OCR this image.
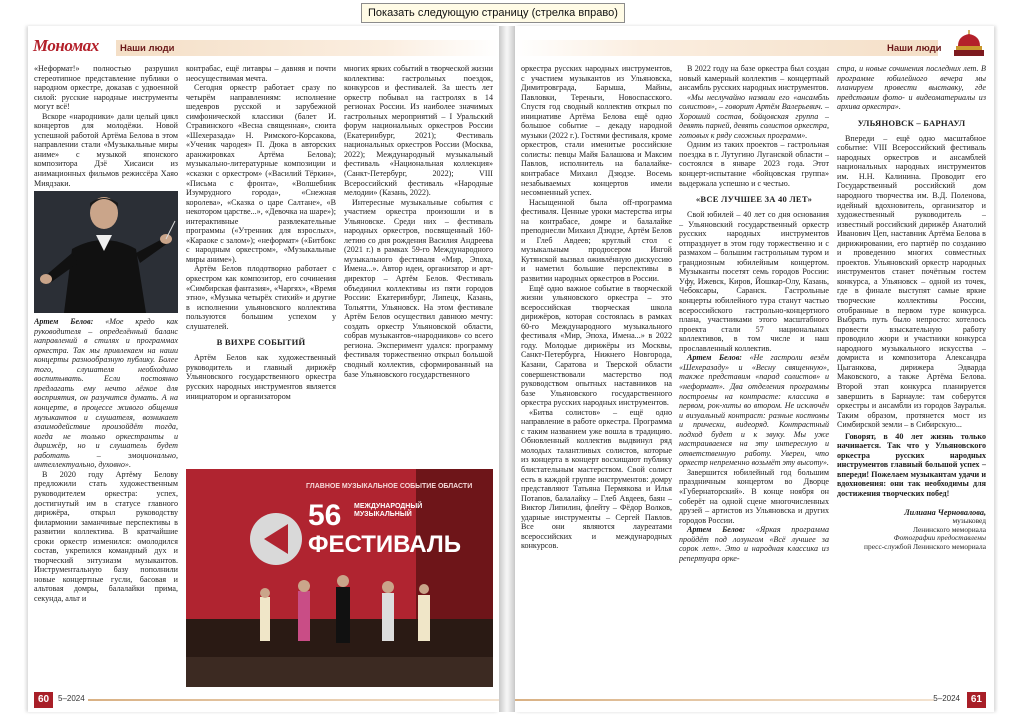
Показать следующую страницу (стрелка вправо)
Мономах Наши люди

«Неформат!» полностью разрушил стереотипное представление публики о народном оркестре, доказав с удвоенной силой: русские народные инструменты могут всё!

Вскоре «народники» дали целый цикл концертов для молодёжи. Новой успешной работой Артёма Белова в этом направлении стали «Музыкальные миры аниме» с музыкой японского композитора Дзё Хисаиси из анимационных фильмов режиссёра Хаяо Миядзаки.

Артем Белов: «Мое кредо как руководителя – определённый баланс направлений в стилях и программах оркестра. Так мы привлекаем на наши концерты разнообразную публику. Более того, слушателя необходимо воспитывать. Если постоянно предлагать ему нечто лёгкое для восприятия, он разучится думать. А на концерте, в процессе живого общения музыкантов и слушателя, возникает взаимодействие произойдёт тогда, когда не только оркестранты и дирижёр, но и слушатель будет работать – эмоционально, интеллектуально, духовно».

В 2020 году Артёму Белову предложили стать художественным руководителем оркестра: успех, достигнутый им в статусе главного дирижёра, открыл руководству филармонии заманчивые перспективы в развитии коллектива. В кратчайшие сроки оркестр изменился: омолодился состав, укрепился командный дух и творческий энтузиазм музыкантов. Инструментальную базу пополнили новые концертные гусли, басовая и альтовая домры, балалайки прима, секунда, альт и

контрабас, ещё литавры – давняя и почти неосуществимая мечта.

Сегодня оркестр работает сразу по четырём направлениям: исполнение шедевров русской и зарубежной симфонической классики (балет И. Стравинского «Весна священная», сюита «Шехеразада» Н. Римского-Корсакова, «Ученик чародея» П. Дюка в авторских аранжировках Артёма Белова); музыкально-литературные композиции и «сказки с оркестром» («Василий Тёркин», «Письма с фронта», «Волшебник Изумрудного города», «Снежная королева», «Сказка о царе Салтане», «В некотором царстве...», «Девочка на шаре»); интерактивные развлекательные программы («Утренник для взрослых», «Караоке с залом»); «неформат» («Битбокс с народным оркестром», «Музыкальные миры аниме»).

Артём Белов плодотворно работает с оркестром как композитор, его сочинения «Симбирская фантазия», «Чаргях», «Время этно», «Музыка четырёх стихий» и другие в исполнении ульяновского коллектива пользуются большим успехом у слушателей.

В ВИХРЕ СОБЫТИЙ

Артём Белов как художественный руководитель и главный дирижёр Ульяновского государственного оркестра русских народных инструментов является инициатором и организатором

многих ярких событий в творческой жизни коллектива: гастрольных поездок, конкурсов и фестивалей. За шесть лет оркестр побывал на гастролях в 14 регионах России. Из наиболее значимых гастрольных мероприятий – I Уральский форум национальных оркестров России (Екатеринбург, 2021); Фестиваль национальных оркестров России (Москва, 2022); Международный музыкальный фестиваль «Национальная коллекция» (Санкт-Петербург, 2022); VIII Всероссийский фестиваль «Народные мелодии» (Казань, 2022).

Интересные музыкальные события с участием оркестра произошли и в Ульяновске. Среди них – фестиваль народных оркестров, посвященный 160-летию со дня рождения Василия Андреева (2021 г.) в рамках 59-го Международного музыкального фестиваля «Мир, Эпоха, Имена...». Автор идеи, организатор и арт-директор – Артём Белов. Фестиваль объединил коллективы из пяти городов России: Екатеринбург, Липецк, Казань, Тольятти, Ульяновск. На этом фестивале Артём Белов осуществил давнюю мечту: создать оркестр Ульяновской области, собрав музыкантов-«народников» со всего региона. Эксперимент удался: программу фестиваля торжественно открыл большой сводный коллектив, сформированный на базе Ульяновского государственного

ГЛАВНОЕ МУЗЫКАЛЬНОЕ СОБЫТИЕ ОБЛАСТИ
56 МЕЖДУНАРОДНЫЙ МУЗЫКАЛЬНЫЙ
ФЕСТИВАЛЬ
60	5–2024
Наши люди

оркестра русских народных инструментов, с участием музыкантов из Ульяновска, Димитровграда, Барыша, Майны, Павловки, Тереньги, Новоспасского. Спустя год сводный коллектив открыл по инициативе Артёма Белова ещё одно большое событие – декаду народной музыки (2022 г.). Гостями фестиваля, кроме оркестров, стали именитые российские солисты: певцы Майя Балашова и Максим Павлов, исполнитель на балалайке-контрабасе Михаил Дзюдзе. Восемь незабываемых концертов имели несомненный успех.

Насыщенной была off-программа фестиваля. Ценные уроки мастерства игры на контрабасе, домре и балалайке преподнесли Михаил Дзюдзе, Артём Белов и Глеб Авдеев; круглый стол с музыкальным продюсером Ингой Кутянской вызвал оживлённую дискуссию и наметил большие перспективы в развитии народных оркестров в России.

Ещё одно важное событие в творческой жизни ульяновского оркестра – это всероссийская творческая школа дирижёров, которая состоялась в рамках 60-го Международного музыкального фестиваля «Мир, Эпоха, Имена...» в 2022 году. Молодые дирижёры из Москвы, Санкт-Петербурга, Нижнего Новгорода, Казани, Саратова и Тверской области совершенствовали мастерство под руководством опытных наставников на базе Ульяновского государственного оркестра русских народных инструментов.

«Битва солистов» – ещё одно направление в работе оркестра. Программа с таким названием уже вошла в традицию. Обновленный коллектив выдвинул ряд молодых талантливых солистов, которые из концерта в концерт восхищают публику блистательным мастерством. Свой солист есть в каждой группе инструментов: домру представляют Татьяна Пермякова и Илья Потапов, балалайку – Глеб Авдеев, баян – Виктор Липилин, флейту – Фёдор Волков, ударные инструменты – Сергей Павлов. Все они являются лауреатами всероссийских и международных конкурсов.

В 2022 году на базе оркестра был создан новый камерный коллектив – концертный ансамбль русских народных инструментов.

«Мы неслучайно назвали его «ансамбль солистов», – говорит Артём Валерьевич. – Хороший состав, бойцовская группа – девять парней, девять солистов оркестра, готовых к ряду сложных программ».

Одним из таких проектов – гастрольная поездка в г. Лутугино Луганской области – состоялся в январе 2023 года. Этот концерт-испытание «бойцовская группа» выдержала успешно и с честью.

«ВСЕ ЛУЧШЕЕ ЗА 40 ЛЕТ»

Свой юбилей – 40 лет со дня основания – Ульяновский государственный оркестр русских народных инструментов отпразднует в этом году торжественно и с размахом – большим гастрольным туром и грандиозным юбилейным концертом. Музыканты посетят семь городов России: Уфу, Ижевск, Киров, Йошкар-Олу, Казань, Чебоксары, Саранск. Гастрольные концерты юбилейного тура станут частью всероссийского гастрольно-концертного плана, участниками этого масштабного проекта стали 57 национальных коллективов, в том числе и наш прославленный коллектив.

Артем Белов: «Не гастроли везём «Шехеразаду» и «Весну священную», также представим «парад солистов» и «неформат». Два отделения программы построены на контрасте: классика в первом, рок-хиты во втором. Не исключён и визуальный контраст: разные костюмы и прически, видеоряд. Контрастный подход будет и к звуку. Мы уже настраиваемся на эту интересную и ответственную работу. Уверен, что оркестр непременно возьмёт эту высоту».

Завершится юбилейный год большим праздничным концертом во Дворце «Губернаторский». В конце ноября он соберёт на одной сцене многочисленных друзей – артистов из Ульяновска и других городов России.

Артем Белов: «Яркая программа пройдёт под лозунгом «Всё лучшее за сорок лет». Это и народная классика из репертуара орке-

стра, и новые сочинения последних лет. В программе юбилейного вечера мы планируем провести выставку, где представим фото- и видеоматериалы из архива оркестра».

УЛЬЯНОВСК – БАРНАУЛ

Впереди – ещё одно масштабное событие: VIII Всероссийский фестиваль народных оркестров и ансамблей национальных народных инструментов им. Н.Н. Калинина. Проводит его Государственный российский дом народного творчества им. В.Д. Поленова, идейный вдохновитель, организатор и художественный руководитель – известный российский дирижёр Анатолий Иванович Цеп, наставник Артёма Белова в дирижировании, его партнёр по созданию и проведению многих совместных проектов. Ульяновский оркестр народных инструментов станет почётным гостем конкурса, а Ульяновск – одной из точек, где в финале выступят самые яркие творческие коллективы России, отобранные в первом туре конкурса. Выбрать путь было непросто: хотелось провести взыскательную работу проводило жюри и участники конкурса народного музыкального искусства – домриста и композитора Александра Цыганкова, дирижера Эдварда Маковского, а также Артёма Белова. Второй этап конкурса планируется завершить в Барнауле: там соберутся оркестры и ансамбли из городов Зауралья. Таким образом, протянется мост из Симбирской земли – в Сибирскую...

Говорят, в 40 лет жизнь только начинается. Так что у Ульяновского оркестра русских народных инструментов главный большой успех – впереди! Пожелаем музыкантам удачи и вдохновения: они так необходимы для достижения творческих побед!

Лилиана Черновалова,
музыковед
Ленинского мемориала
Фотографии предоставлены
пресс-службой Ленинского мемориала
5–2024	61
